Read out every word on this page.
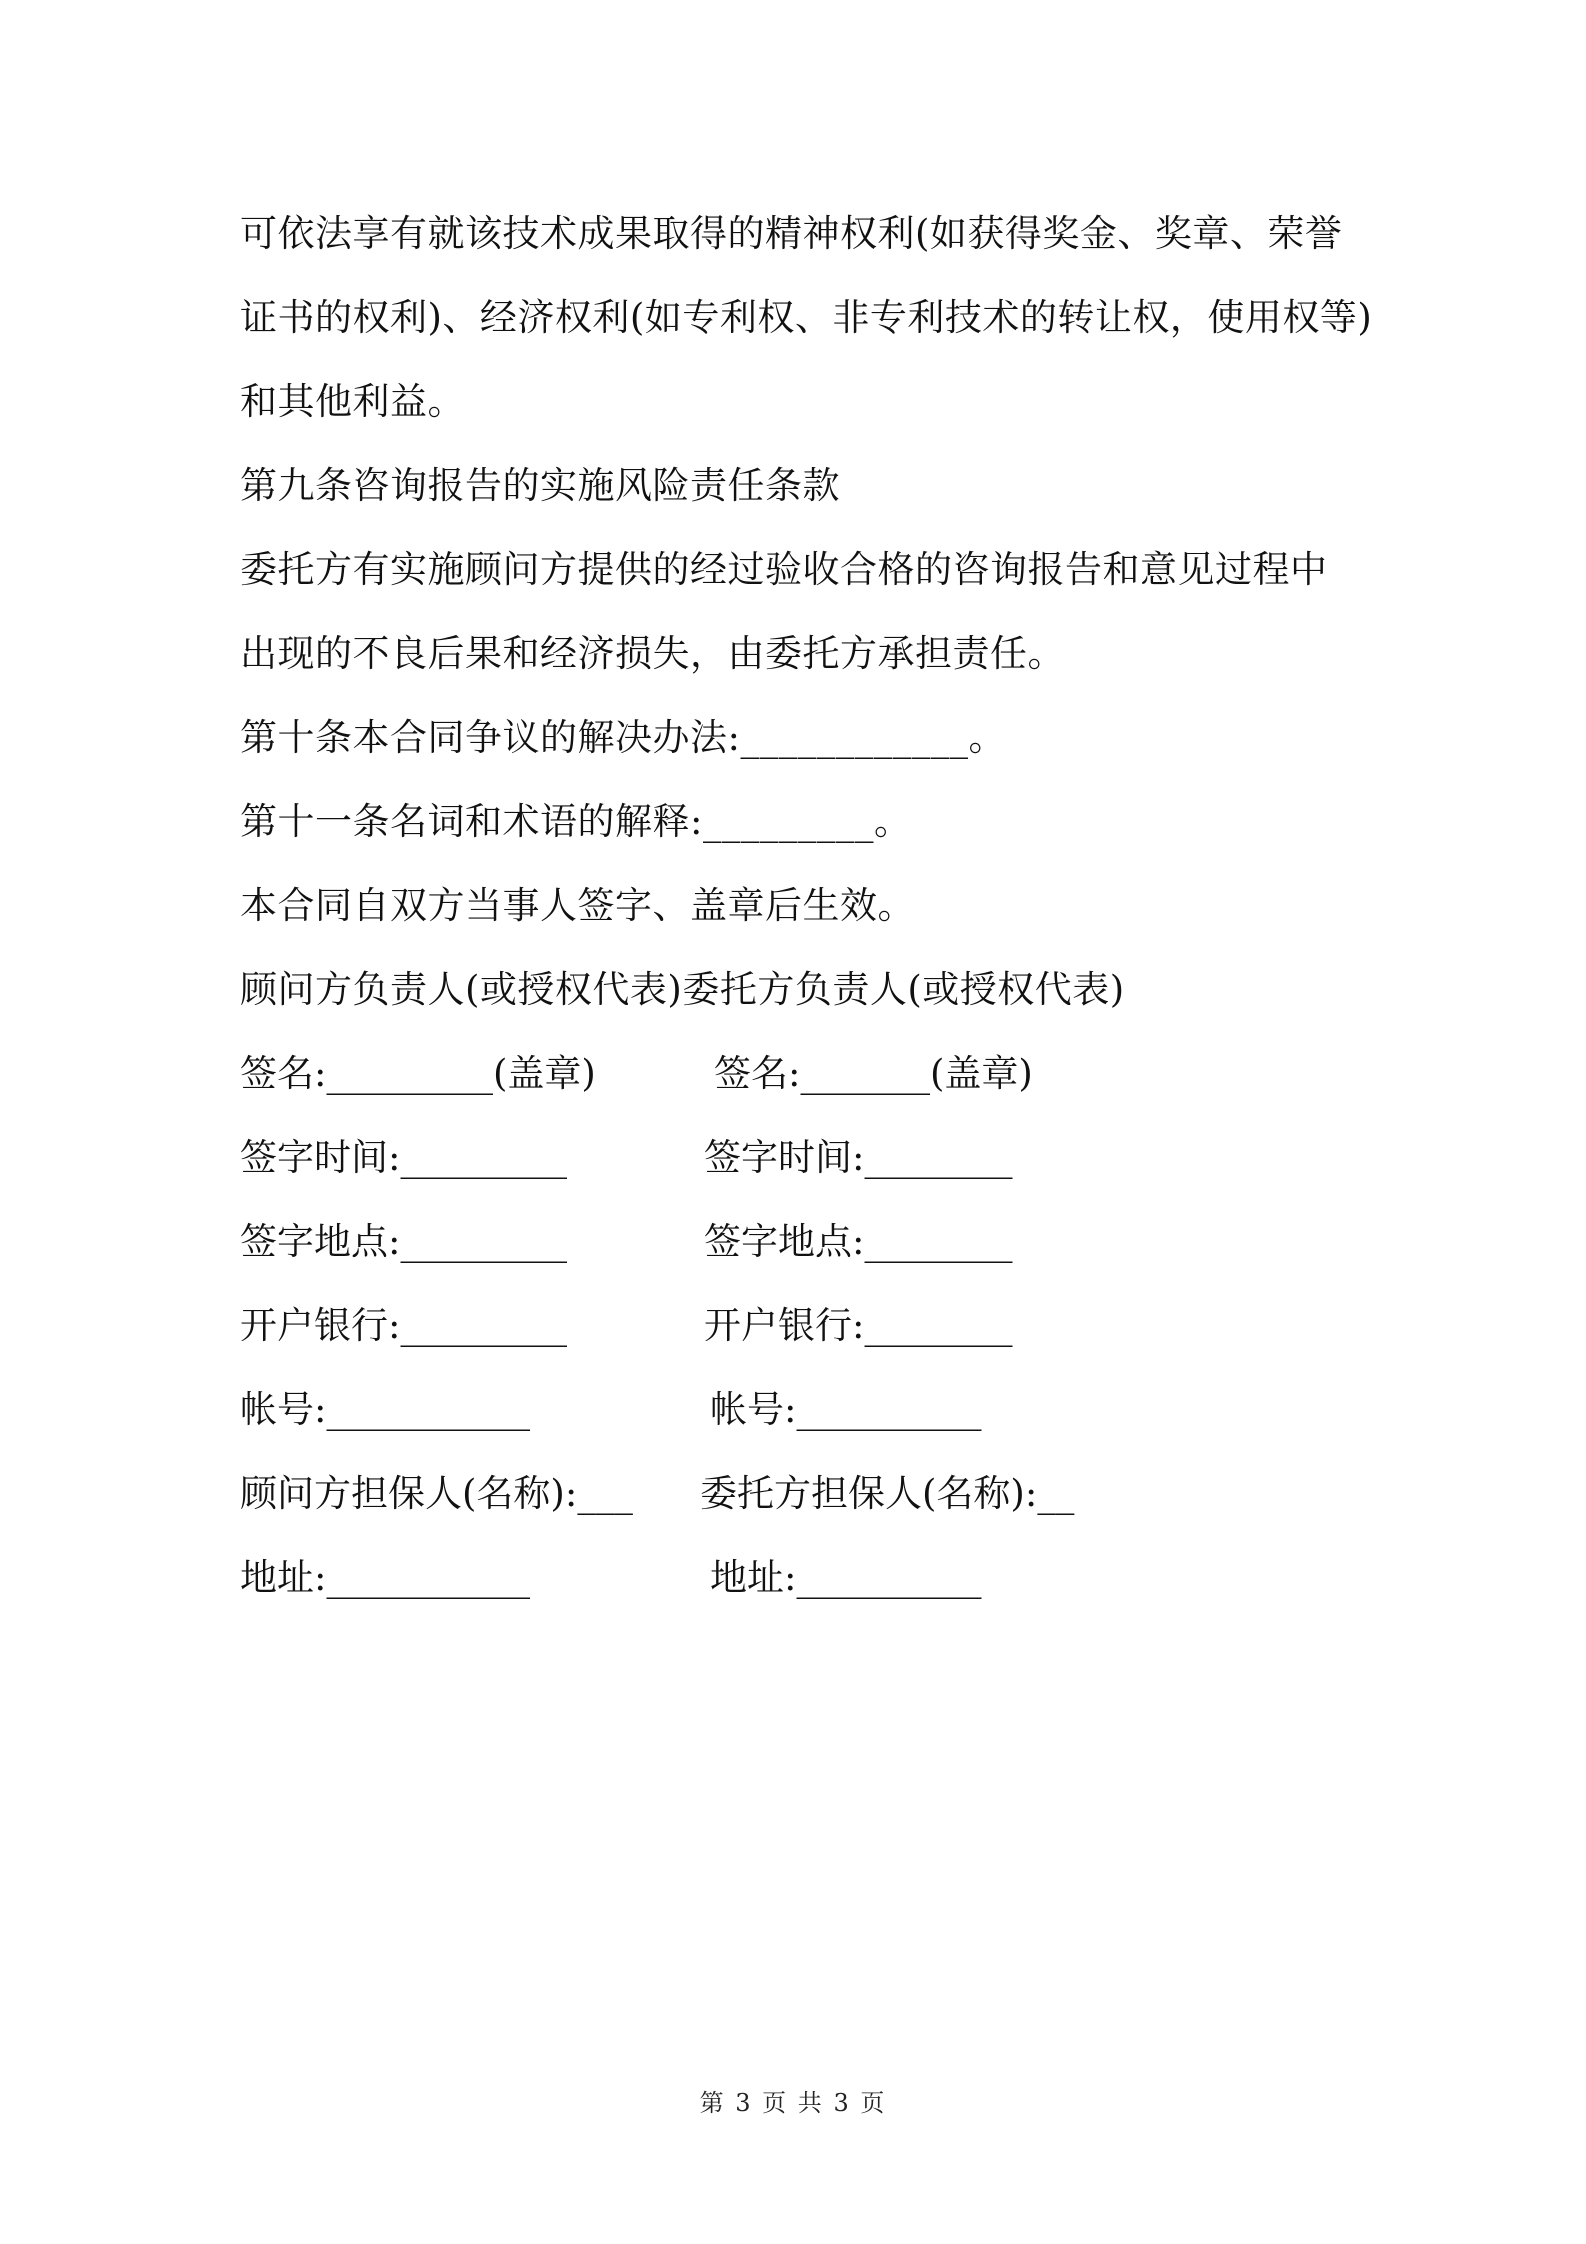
可依法享有就该技术成果取得的精神权利(如获得奖金、奖章、荣誉
证书的权利)、经济权利(如专利权、非专利技术的转让权，使用权等)
和其他利益。
第九条咨询报告的实施风险责任条款
委托方有实施顾问方提供的经过验收合格的咨询报告和意见过程中
出现的不良后果和经济损失，由委托方承担责任。
第十条本合同争议的解决办法:____________。
第十一条名词和术语的解释:_________。
本合同自双方当事人签字、盖章后生效。
顾问方负责人(或授权代表)委托方负责人(或授权代表)
签名:_________(盖章)	签名:_______(盖章)
签字时间:_________	签字时间:________
签字地点:_________	签字地点:________
开户银行:_________	开户银行:________
帐号:___________	帐号:__________
顾问方担保人(名称):___ 委托方担保人(名称):__
地址:___________	地址:__________
第 3 页 共 3 页
